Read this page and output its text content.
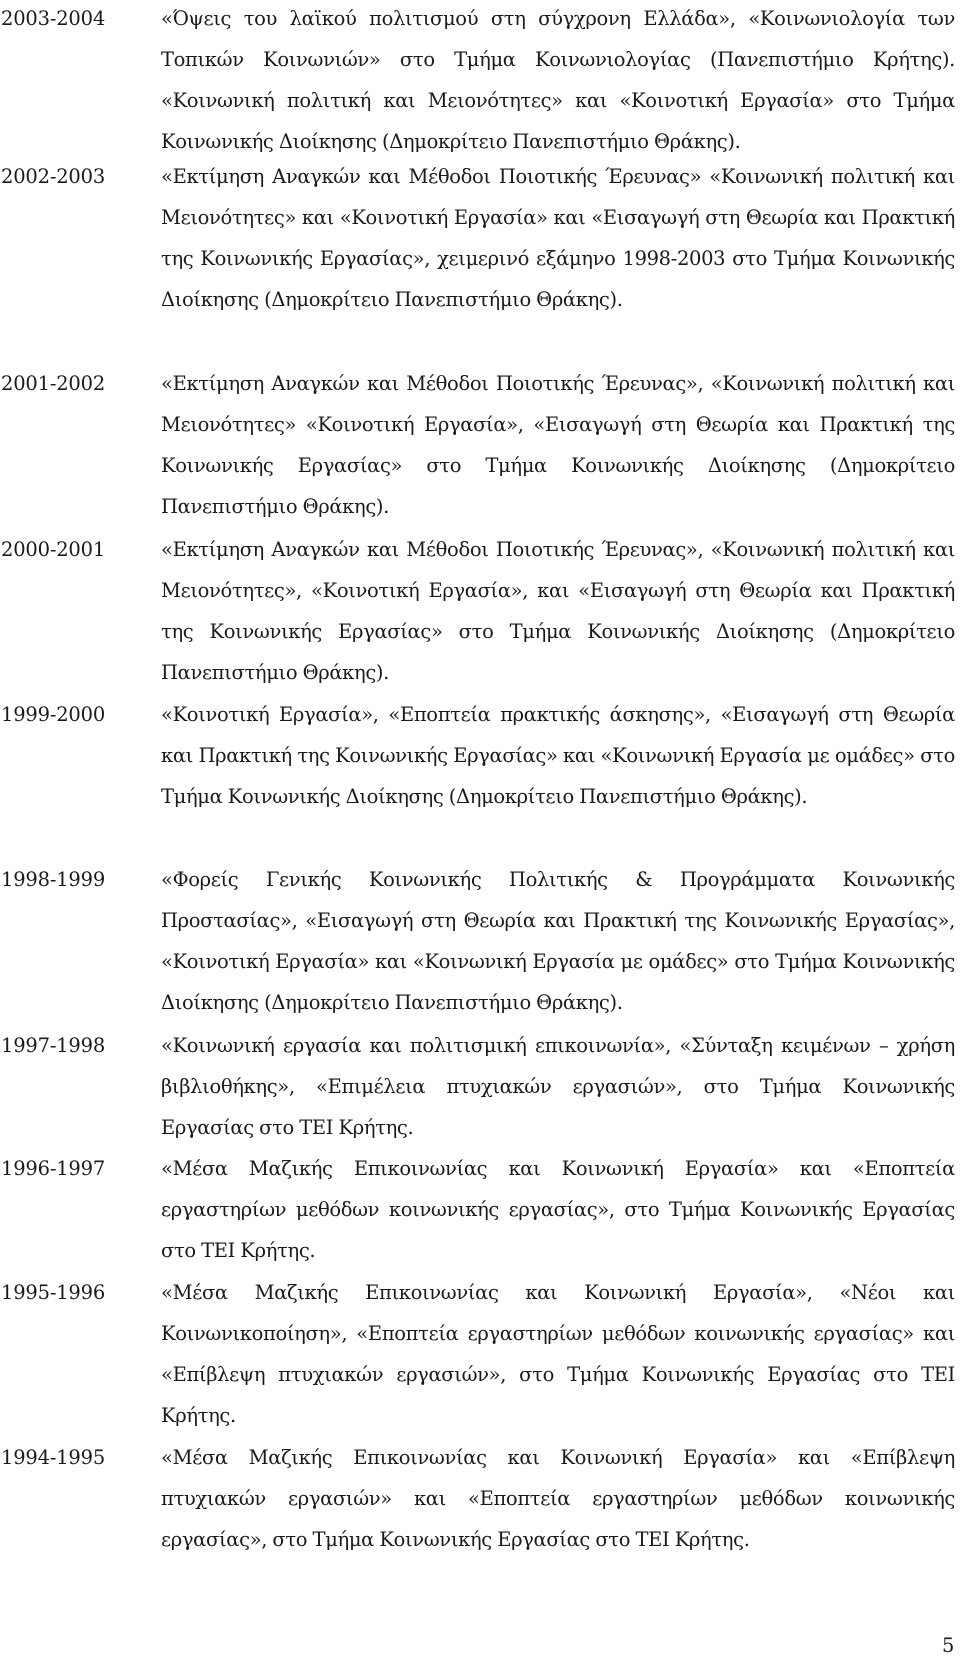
2003-2004	«Όψεις του λαϊκού πολιτισμού στη σύγχρονη Ελλάδα», «Κοινωνιολογία των Τοπικών Κοινωνιών» στο Τμήμα Κοινωνιολογίας (Πανεπιστήμιο Κρήτης). «Κοινωνική πολιτική και Μειονότητες» και «Κοινοτική Εργασία» στο Τμήμα Κοινωνικής Διοίκησης (Δημοκρίτειο Πανεπιστήμιο Θράκης).

2002-2003	«Εκτίμηση Αναγκών και Μέθοδοι Ποιοτικής Έρευνας» «Κοινωνική πολιτική και Μειονότητες» και «Κοινοτική Εργασία» και «Εισαγωγή στη Θεωρία και Πρακτική της Κοινωνικής Εργασίας», χειμερινό εξάμηνο 1998-2003 στο Τμήμα Κοινωνικής Διοίκησης (Δημοκρίτειο Πανεπιστήμιο Θράκης).

2001-2002	«Εκτίμηση Αναγκών και Μέθοδοι Ποιοτικής Έρευνας», «Κοινωνική πολιτική και Μειονότητες» «Κοινοτική Εργασία», «Εισαγωγή στη Θεωρία και Πρακτική της Κοινωνικής Εργασίας» στο Τμήμα Κοινωνικής Διοίκησης (Δημοκρίτειο Πανεπιστήμιο Θράκης).

2000-2001	«Εκτίμηση Αναγκών και Μέθοδοι Ποιοτικής Έρευνας», «Κοινωνική πολιτική και Μειονότητες», «Κοινοτική Εργασία», και «Εισαγωγή στη Θεωρία και Πρακτική της Κοινωνικής Εργασίας» στο Τμήμα Κοινωνικής Διοίκησης (Δημοκρίτειο Πανεπιστήμιο Θράκης).

1999-2000	«Κοινοτική Εργασία», «Εποπτεία πρακτικής άσκησης», «Εισαγωγή στη Θεωρία και Πρακτική της Κοινωνικής Εργασίας» και «Κοινωνική Εργασία με ομάδες» στο Τμήμα Κοινωνικής Διοίκησης (Δημοκρίτειο Πανεπιστήμιο Θράκης).

1998-1999	«Φορείς Γενικής Κοινωνικής Πολιτικής & Προγράμματα Κοινωνικής Προστασίας», «Εισαγωγή στη Θεωρία και Πρακτική της Κοινωνικής Εργασίας», «Κοινοτική Εργασία» και «Κοινωνική Εργασία με ομάδες» στο Τμήμα Κοινωνικής Διοίκησης (Δημοκρίτειο Πανεπιστήμιο Θράκης).

1997-1998	«Κοινωνική εργασία και πολιτισμική επικοινωνία», «Σύνταξη κειμένων – χρήση βιβλιοθήκης», «Επιμέλεια πτυχιακών εργασιών», στο Τμήμα Κοινωνικής Εργασίας στο ΤΕΙ Κρήτης.

1996-1997	«Μέσα Μαζικής Επικοινωνίας και Κοινωνική Εργασία» και «Εποπτεία εργαστηρίων μεθόδων κοινωνικής εργασίας», στο Τμήμα Κοινωνικής Εργασίας στο ΤΕΙ Κρήτης.

1995-1996	«Μέσα Μαζικής Επικοινωνίας και Κοινωνική Εργασία», «Νέοι και Κοινωνικοποίηση», «Εποπτεία εργαστηρίων μεθόδων κοινωνικής εργασίας» και «Επίβλεψη πτυχιακών εργασιών», στο Τμήμα Κοινωνικής Εργασίας στο ΤΕΙ Κρήτης.

1994-1995	«Μέσα Μαζικής Επικοινωνίας και Κοινωνική Εργασία» και «Επίβλεψη πτυχιακών εργασιών» και «Εποπτεία εργαστηρίων μεθόδων κοινωνικής εργασίας», στο Τμήμα Κοινωνικής Εργασίας στο ΤΕΙ Κρήτης.

5
